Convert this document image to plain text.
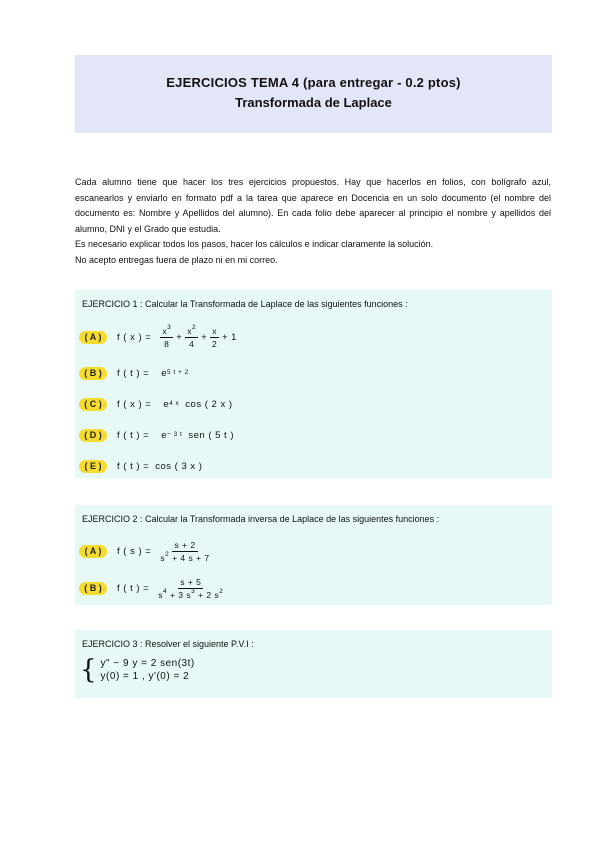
EJERCICIOS TEMA 4 (para entregar - 0.2 ptos)
Transformada de Laplace

Cada alumno tiene que hacer los tres ejercicios propuestos. Hay que hacerlos en folios, con bolígrafo azul, escanearlos y enviarlo en formato pdf a la tarea que aparece en Docencia en un solo documento (el nombre del documento es: Nombre y Apellidos del alumno). En cada folio debe aparecer al principio el nombre y apellidos del alumno, DNI y el Grado que estudia.

Es necesario explicar todos los pasos, hacer los cálculos e indicar claramente la solución.

No acepto entregas fuera de plazo ni en mi correo.

EJERCICIO 1 : Calcular la Transformada de Laplace de las siguientes funciones :
( A )	f ( x ) = $\frac{x^3}{8} + \frac{x^2}{4} + \frac{x}{2} + 1$
( B )	f ( t ) = e 5 t + 2
( C )	f ( x ) = e 4 x cos ( 2 x )
( D )	f ( t ) = e − 3 t sen ( 5 t )
( E )	f ( t ) = cos ( 3 x )
EJERCICIO 2 : Calcular la Transformada inversa de Laplace de las siguientes funciones :
( A )	f ( s ) = $\frac{s + 2}{s^2 + 4 s + 7}$
( B )	f ( t ) = $\frac{s + 5}{s^4 + 3 s^3 + 2 s^2}$
EJERCICIO 3 : Resolver el siguiente P.V.I :
{ y" − 9 y = 2 sen(3t)
y(0) = 1 , y'(0) = 2
